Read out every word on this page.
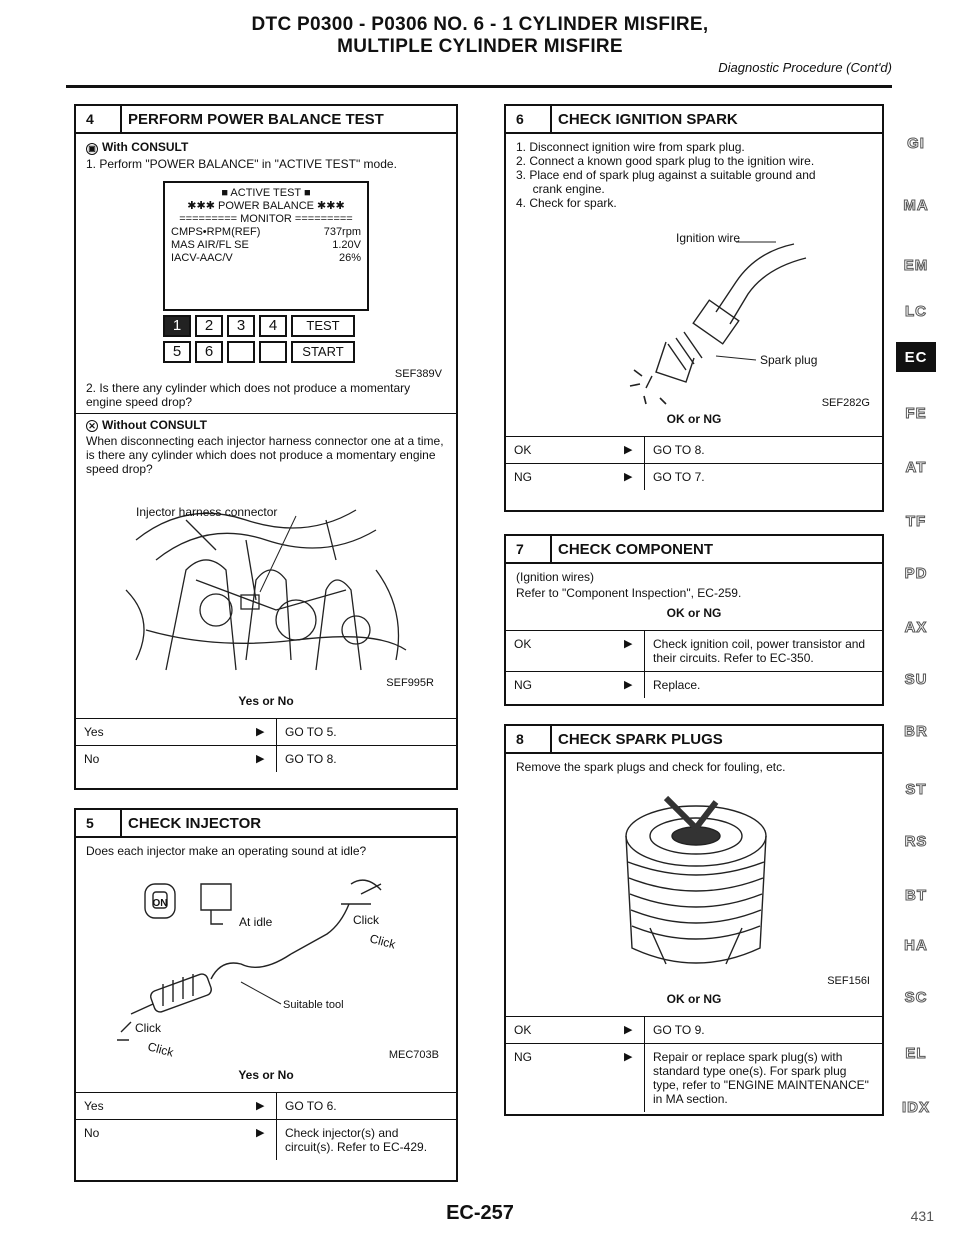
DTC P0300 - P0306 NO. 6 - 1 CYLINDER MISFIRE,
MULTIPLE CYLINDER MISFIRE
Diagnostic Procedure (Cont'd)
4	PERFORM POWER BALANCE TEST
▣ With CONSULT
1. Perform "POWER BALANCE" in "ACTIVE TEST" mode.
■ ACTIVE TEST ■
✱✱✱ POWER BALANCE ✱✱✱
========= MONITOR =========
CMPS•RPM(REF)	737rpm
MAS AIR/FL SE	1.20V
IACV-AAC/V	26%
1	2	3	4	TEST
5	6	START
SEF389V
2. Is there any cylinder which does not produce a momentary engine speed drop?
✕ Without CONSULT
When disconnecting each injector harness connector one at a time, is there any cylinder which does not produce a momentary engine speed drop?
Injector harness connector
SEF995R
Yes or No
Yes	▶	GO TO 5.
No	▶	GO TO 8.
5	CHECK INJECTOR
Does each injector make an operating sound at idle?
ON
At idle	Click
Click
Click
Click
Suitable tool
MEC703B
Yes or No
Yes	▶	GO TO 6.
No	▶	Check injector(s) and circuit(s). Refer to EC-429.
6	CHECK IGNITION SPARK
1. Disconnect ignition wire from spark plug.
2. Connect a known good spark plug to the ignition wire.
3. Place end of spark plug against a suitable ground and
crank engine.
4. Check for spark.
Ignition wire
Spark plug
SEF282G
OK or NG
OK	▶	GO TO 8.
NG	▶	GO TO 7.
7	CHECK COMPONENT
(Ignition wires)
Refer to "Component Inspection", EC-259.
OK or NG
OK	▶	Check ignition coil, power transistor and their circuits. Refer to EC-350.
NG	▶	Replace.
8	CHECK SPARK PLUGS
Remove the spark plugs and check for fouling, etc.
SEF156I
OK or NG
OK	▶	GO TO 9.
NG	▶	Repair or replace spark plug(s) with standard type one(s). For spark plug type, refer to "ENGINE MAINTENANCE" in MA section.
GI
MA
EM
LC
EC
FE
AT
TF
PD
AX
SU
BR
ST
RS
BT
HA
SC
EL
IDX
EC-257	431
